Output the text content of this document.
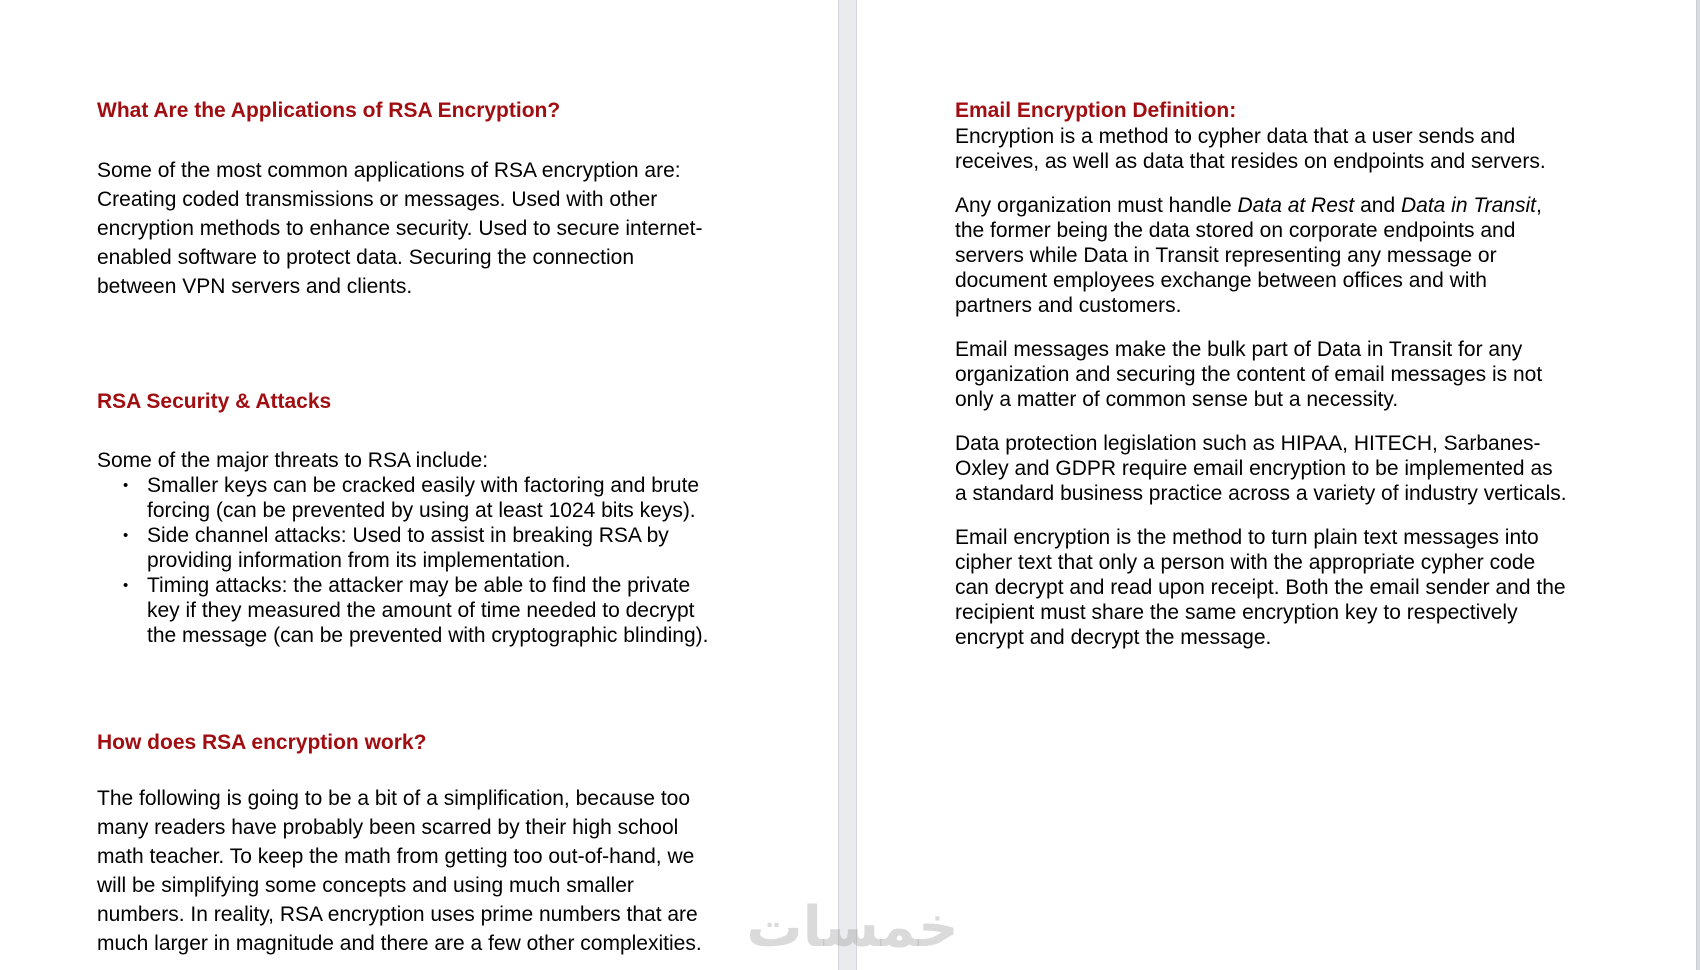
What Are the Applications of RSA Encryption?
Some of the most common applications of RSA encryption are:
Creating coded transmissions or messages. Used with other
encryption methods to enhance security. Used to secure internet-
enabled software to protect data. Securing the connection
between VPN servers and clients.
RSA Security & Attacks
Some of the major threats to RSA include:
• Smaller keys can be cracked easily with factoring and brute
forcing (can be prevented by using at least 1024 bits keys).
• Side channel attacks: Used to assist in breaking RSA by
providing information from its implementation.
• Timing attacks: the attacker may be able to find the private
key if they measured the amount of time needed to decrypt
the message (can be prevented with cryptographic blinding).
How does RSA encryption work?
The following is going to be a bit of a simplification, because too
many readers have probably been scarred by their high school
math teacher. To keep the math from getting too out-of-hand, we
will be simplifying some concepts and using much smaller
numbers. In reality, RSA encryption uses prime numbers that are
much larger in magnitude and there are a few other complexities.
Email Encryption Definition:
Encryption is a method to cypher data that a user sends and
receives, as well as data that resides on endpoints and servers.
Any organization must handle Data at Rest and Data in Transit,
the former being the data stored on corporate endpoints and
servers while Data in Transit representing any message or
document employees exchange between offices and with
partners and customers.
Email messages make the bulk part of Data in Transit for any
organization and securing the content of email messages is not
only a matter of common sense but a necessity.
Data protection legislation such as HIPAA, HITECH, Sarbanes-
Oxley and GDPR require email encryption to be implemented as
a standard business practice across a variety of industry verticals.
Email encryption is the method to turn plain text messages into
cipher text that only a person with the appropriate cypher code
can decrypt and read upon receipt. Both the email sender and the
recipient must share the same encryption key to respectively
encrypt and decrypt the message.
خمسات
